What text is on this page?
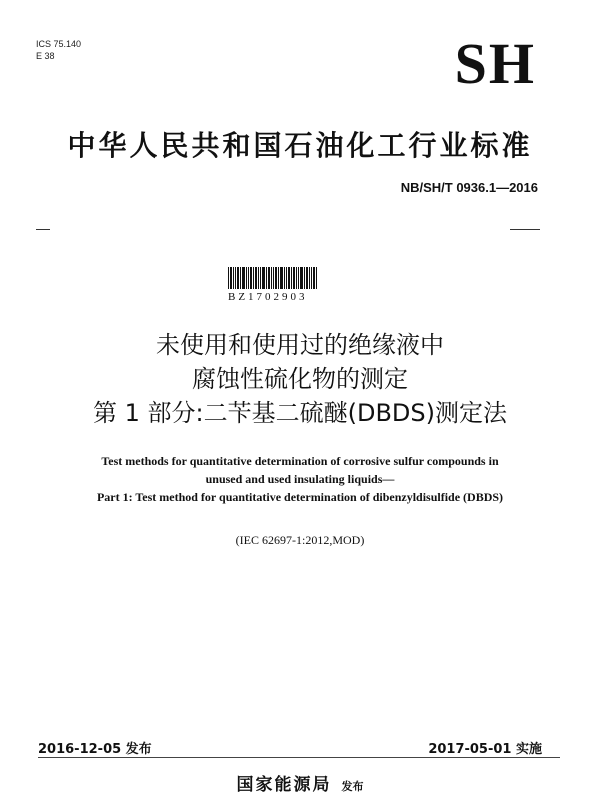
ICS 75.140
E 38	SH
中华人民共和国石油化工行业标准
NB/SH/T 0936.1—2016
BZ1702903
未使用和使用过的绝缘液中
腐蚀性硫化物的测定
第 1 部分:二苄基二硫醚(DBDS)测定法
Test methods for quantitative determination of corrosive sulfur compounds in
unused and used insulating liquids—
Part 1: Test method for quantitative determination of dibenzyldisulfide (DBDS)
(IEC 62697-1:2012,MOD)
2016-12-05 发布	2017-05-01 实施
国家能源局 发布
